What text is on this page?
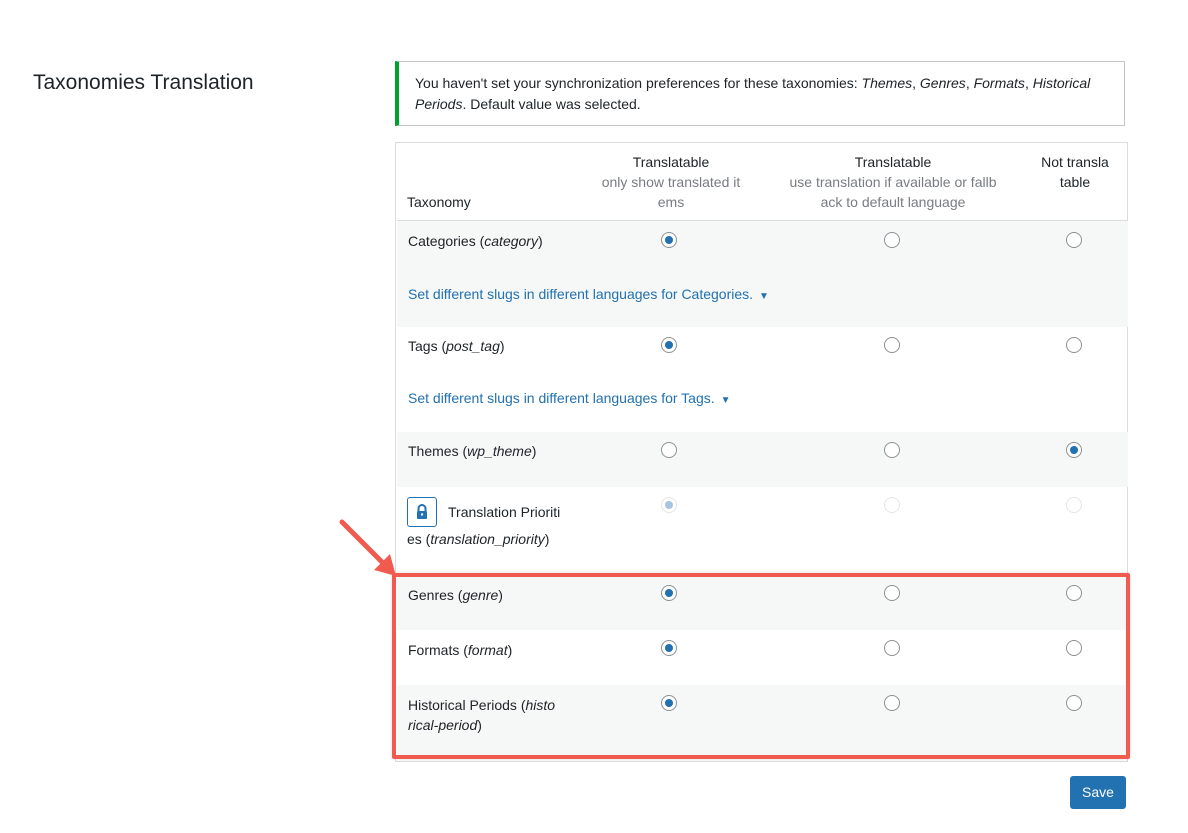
Taxonomies Translation	You haven't set your synchronization preferences for these taxonomies: Themes, Genres, Formats, Historical Periods. Default value was selected.
Taxonomy
Translatable
only show translated it
ems
Translatable
use translation if available or fallb
ack to default language
Not transla
table
Categories (category)
Set different slugs in different languages for Categories. ▼
Tags (post_tag)
Set different slugs in different languages for Tags. ▼
Themes (wp_theme)
Translation Prioriti
es (translation_priority)
Genres (genre)
Formats (format)
Historical Periods (histo
rical-period)
Save
